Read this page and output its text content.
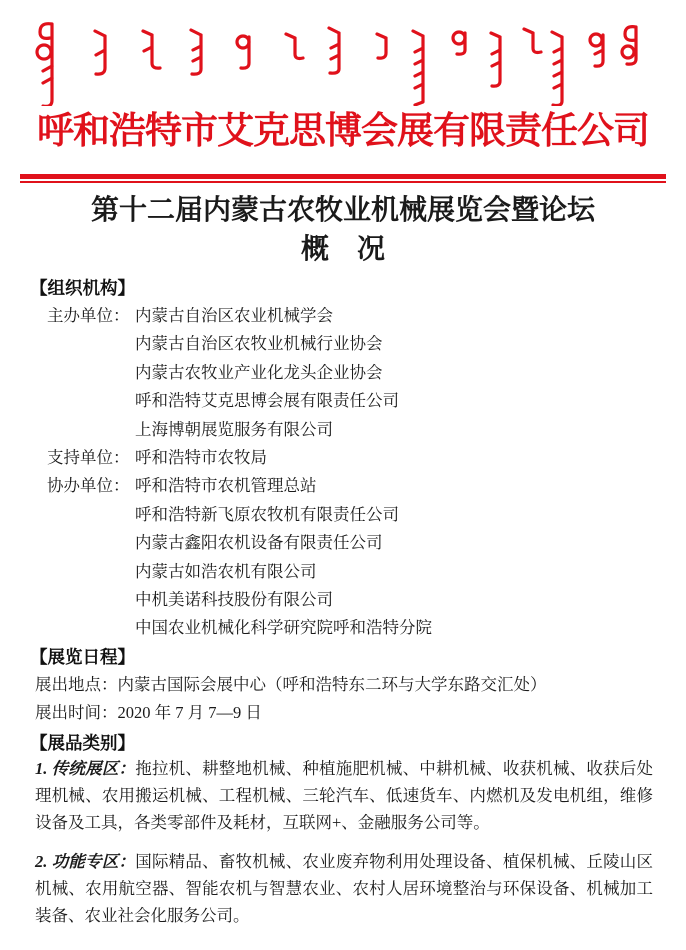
呼和浩特市艾克思博会展有限责任公司
第十二届内蒙古农牧业机械展览会暨论坛
概　况
【组织机构】
主办单位： 内蒙古自治区农业机械学会
内蒙古自治区农牧业机械行业协会
内蒙古农牧业产业化龙头企业协会
呼和浩特艾克思博会展有限责任公司
上海博朝展览服务有限公司
支持单位： 呼和浩特市农牧局
协办单位： 呼和浩特市农机管理总站
呼和浩特新飞原农牧机有限责任公司
内蒙古鑫阳农机设备有限责任公司
内蒙古如浩农机有限公司
中机美诺科技股份有限公司
中国农业机械化科学研究院呼和浩特分院
【展览日程】
展出地点：内蒙古国际会展中心（呼和浩特东二环与大学东路交汇处）
展出时间：2020 年 7 月 7—9 日
【展品类别】

1. 传统展区：拖拉机、耕整地机械、种植施肥机械、中耕机械、收获机械、收获后处理机械、农用搬运机械、工程机械、三轮汽车、低速货车、内燃机及发电机组，维修设备及工具，各类零部件及耗材，互联网+、金融服务公司等。

2. 功能专区：国际精品、畜牧机械、农业废弃物利用处理设备、植保机械、丘陵山区机械、农用航空器、智能农机与智慧农业、农村人居环境整治与环保设备、机械加工装备、农业社会化服务公司。
